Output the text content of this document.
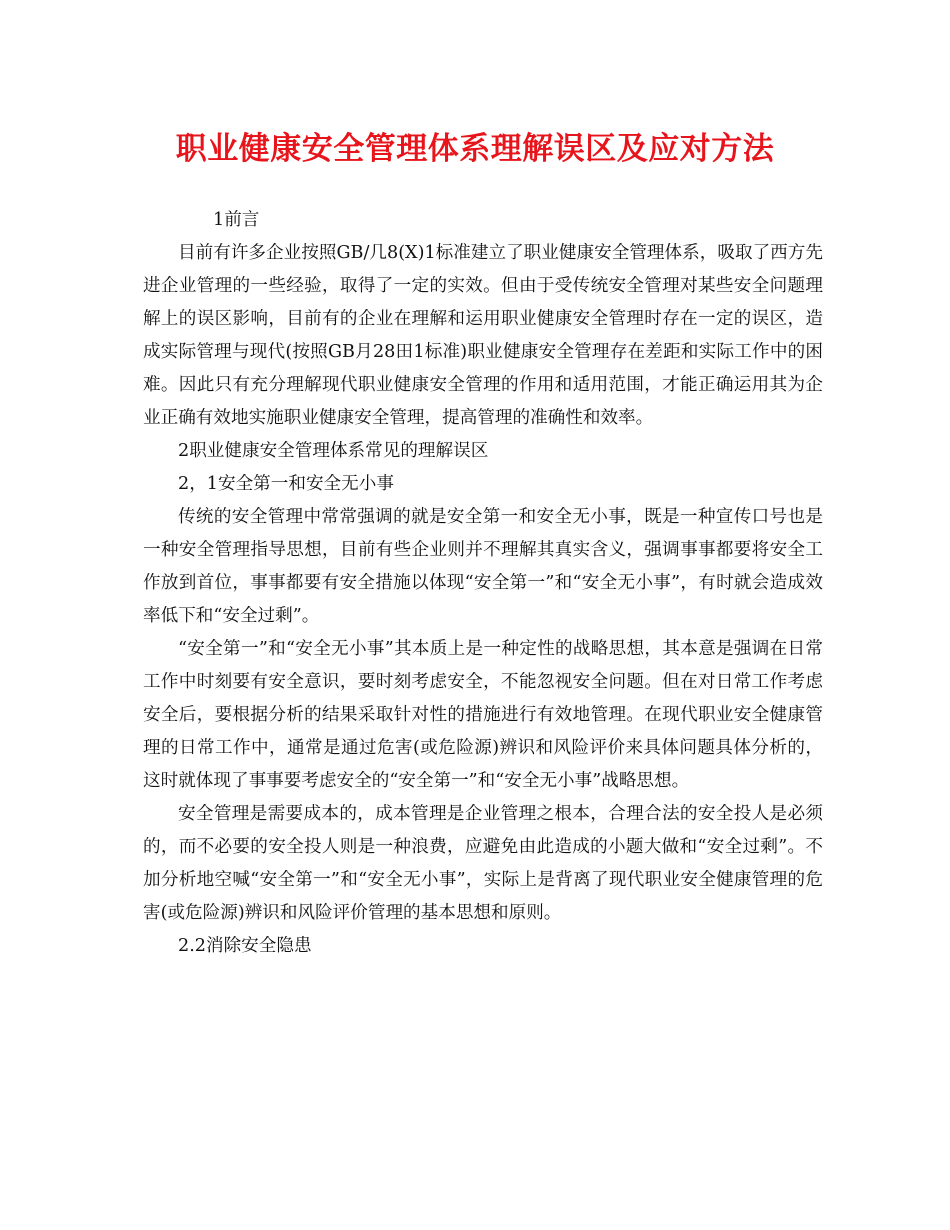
职业健康安全管理体系理解误区及应对方法

1前言

目前有许多企业按照GB/几8(X)1标准建立了职业健康安全管理体系，吸取了西方先进企业管理的一些经验，取得了一定的实效。但由于受传统安全管理对某些安全问题理解上的误区影响，目前有的企业在理解和运用职业健康安全管理时存在一定的误区，造成实际管理与现代(按照GB月28田1标准)职业健康安全管理存在差距和实际工作中的困难。因此只有充分理解现代职业健康安全管理的作用和适用范围，才能正确运用其为企业正确有效地实施职业健康安全管理，提高管理的准确性和效率。

2职业健康安全管理体系常见的理解误区

2，1安全第一和安全无小事

传统的安全管理中常常强调的就是安全第一和安全无小事，既是一种宣传口号也是一种安全管理指导思想，目前有些企业则并不理解其真实含义，强调事事都要将安全工作放到首位，事事都要有安全措施以体现“安全第一”和“安全无小事”，有时就会造成效率低下和“安全过剩”。

“安全第一”和“安全无小事”其本质上是一种定性的战略思想，其本意是强调在日常工作中时刻要有安全意识，要时刻考虑安全，不能忽视安全问题。但在对日常工作考虑安全后，要根据分析的结果采取针对性的措施进行有效地管理。在现代职业安全健康管理的日常工作中，通常是通过危害(或危险源)辨识和风险评价来具体问题具体分析的，这时就体现了事事要考虑安全的“安全第一”和“安全无小事”战略思想。

安全管理是需要成本的，成本管理是企业管理之根本，合理合法的安全投人是必须的，而不必要的安全投人则是一种浪费，应避免由此造成的小题大做和“安全过剩”。不加分析地空喊“安全第一”和“安全无小事”，实际上是背离了现代职业安全健康管理的危害(或危险源)辨识和风险评价管理的基本思想和原则。

2.2消除安全隐患
